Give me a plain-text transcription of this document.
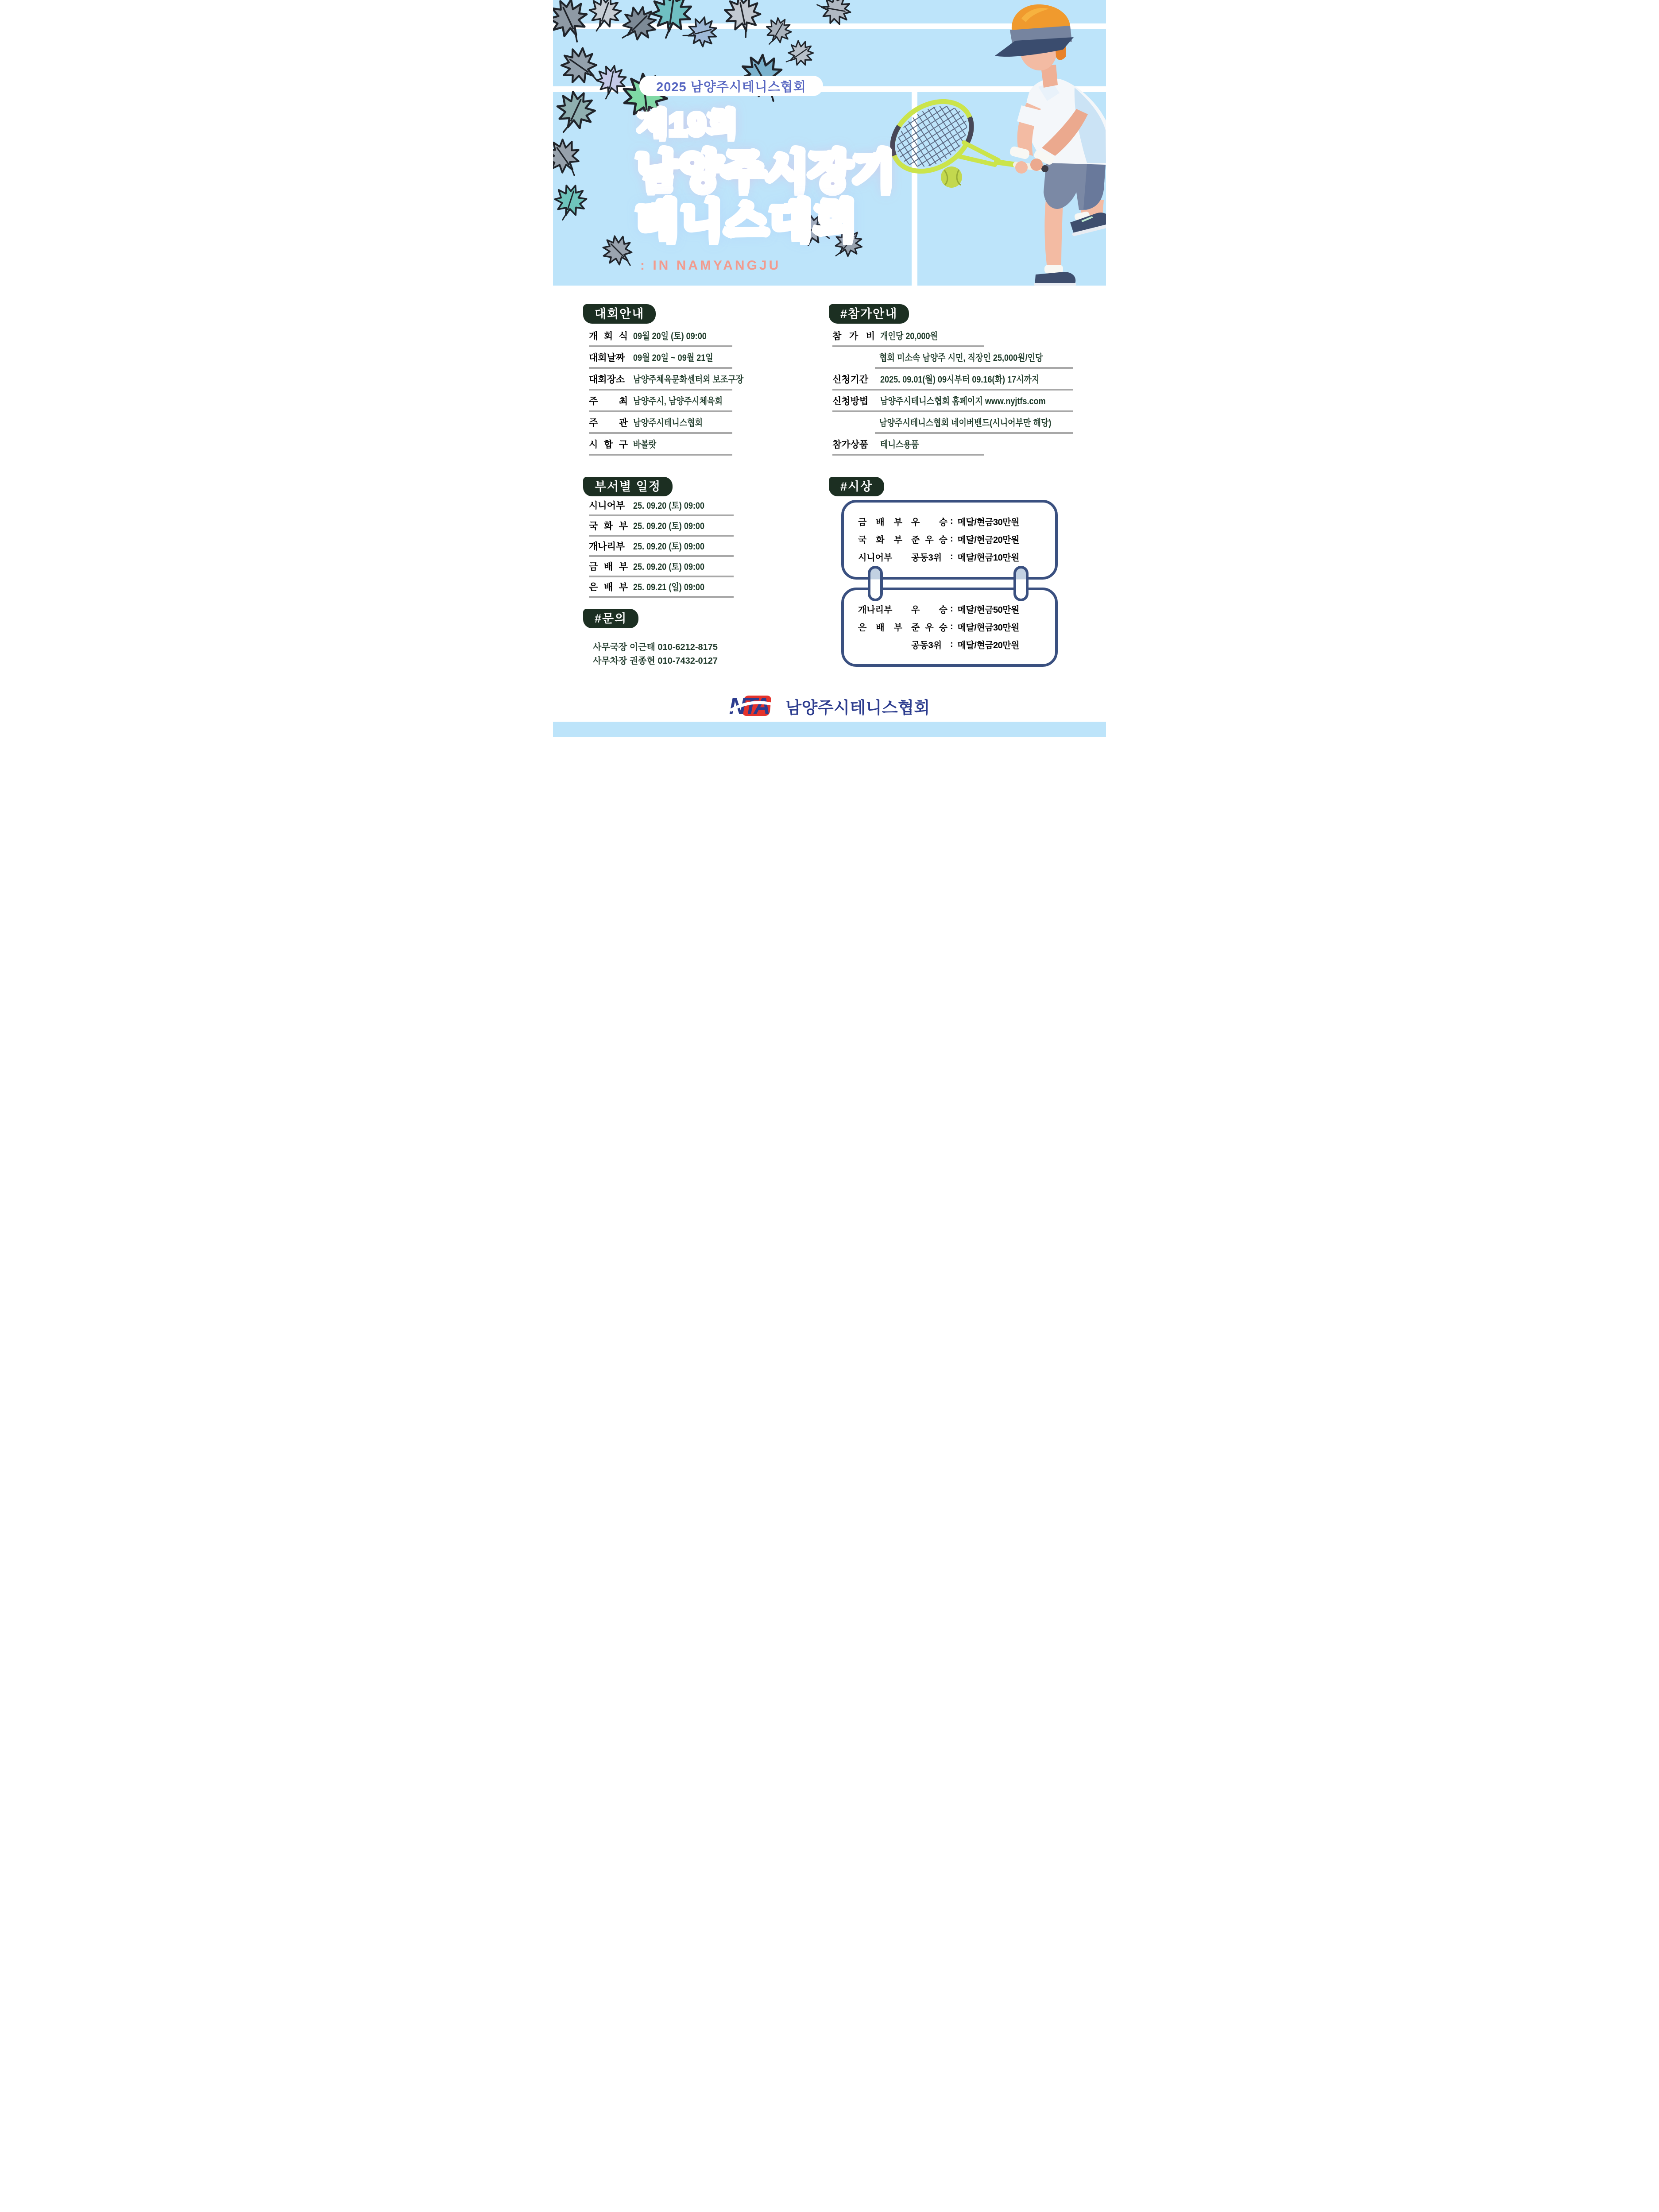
2025 남양주시테니스협회
제19회 제19회
남양주시장기 남양주시장기
테니스대회 테니스대회
: IN NAMYANGJU
대회안내	#참가안내
부서별 일정	#시상
#문의
개 회 식 09월 20일 (토) 09:00
대회날짜 09월 20일 ~ 09월 21일
대회장소 남양주체육문화센터외 보조구장
주 최 남양주시, 남양주시체육회
주 관 남양주시테니스협회
시 합 구 바볼랏
참 가 비 개인당 20,000원
협회 미소속 남양주 시민, 직장인 25,000원/인당
신청기간	2025. 09.01(월) 09시부터 09.16(화) 17시까지
신청방법	남양주시테니스협회 홈페이지 www.nyjtfs.com
남양주시테니스협회 네이버밴드(시니어부만 해당)
참가상품	테니스용품
시니어부 25. 09.20 (토) 09:00
국 화 부 25. 09.20 (토) 09:00
개나리부 25. 09.20 (토) 09:00
금 배 부 25. 09.20 (토) 09:00
은 배 부 25. 09.21 (일) 09:00
금 배 부 우 승 : 메달/현금30만원
국 화 부 준 우 승 : 메달/현금20만원
시니어부	공동3위 : 메달/현금10만원
개나리부	우 승 : 메달/현금50만원
은 배 부 준 우 승 : 메달/현금30만원
공동3위 : 메달/현금20만원
사무국장 이근태 010-6212-8175
사무차장 권종현 010-7432-0127
NTA 남양주시테니스협회
